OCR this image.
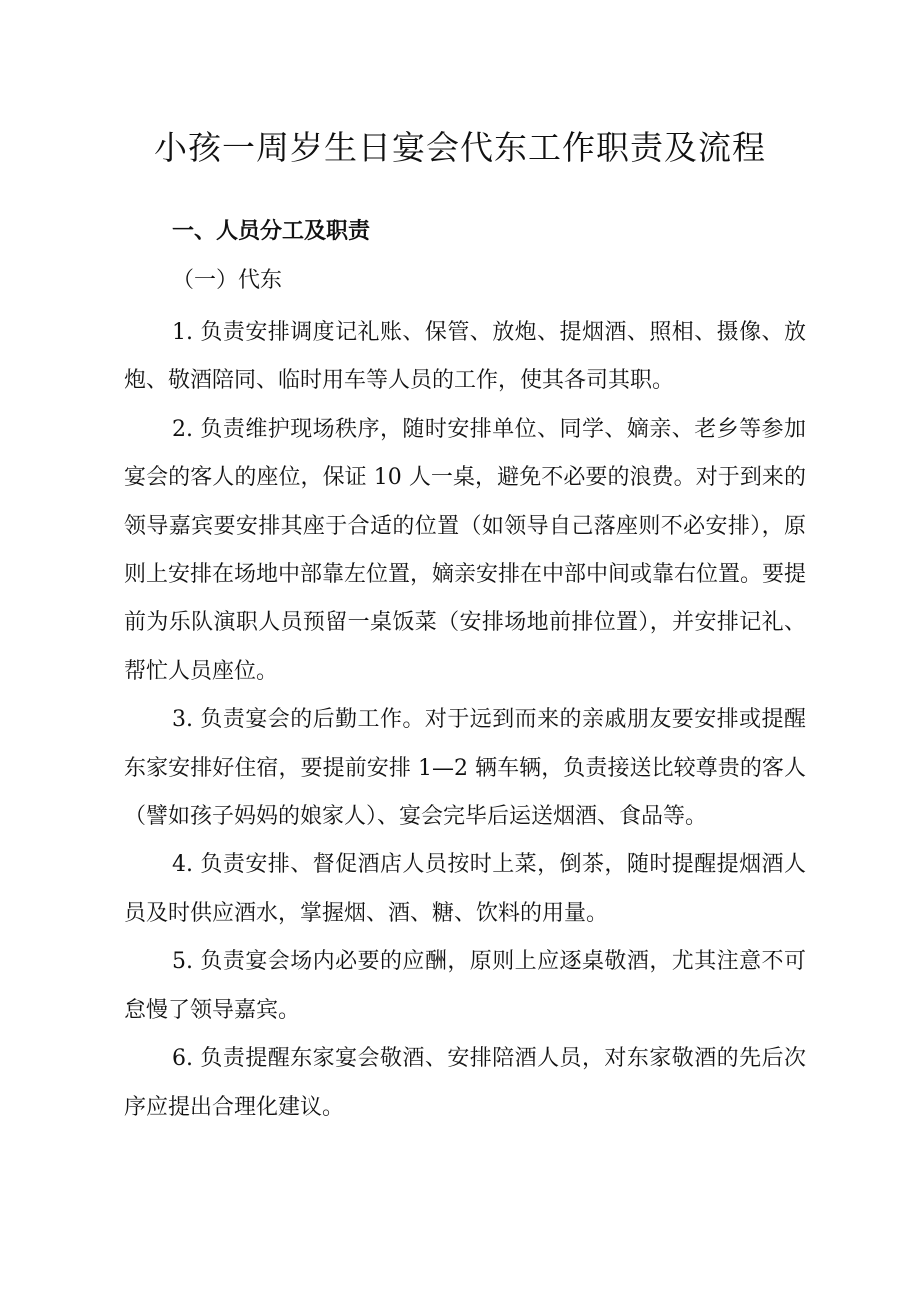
小孩一周岁生日宴会代东工作职责及流程
一、人员分工及职责
（一）代东

1. 负责安排调度记礼账、保管、放炮、提烟酒、照相、摄像、放炮、敬酒陪同、临时用车等人员的工作，使其各司其职。

2. 负责维护现场秩序，随时安排单位、同学、嫡亲、老乡等参加宴会的客人的座位，保证 10 人一桌，避免不必要的浪费。对于到来的领导嘉宾要安排其座于合适的位置（如领导自己落座则不必安排），原则上安排在场地中部靠左位置，嫡亲安排在中部中间或靠右位置。要提前为乐队演职人员预留一桌饭菜（安排场地前排位置），并安排记礼、帮忙人员座位。

3. 负责宴会的后勤工作。对于远到而来的亲戚朋友要安排或提醒东家安排好住宿，要提前安排 1—2 辆车辆，负责接送比较尊贵的客人（譬如孩子妈妈的娘家人）、宴会完毕后运送烟酒、食品等。

4. 负责安排、督促酒店人员按时上菜，倒茶，随时提醒提烟酒人员及时供应酒水，掌握烟、酒、糖、饮料的用量。

5. 负责宴会场内必要的应酬，原则上应逐桌敬酒，尤其注意不可怠慢了领导嘉宾。

6. 负责提醒东家宴会敬酒、安排陪酒人员，对东家敬酒的先后次序应提出合理化建议。
